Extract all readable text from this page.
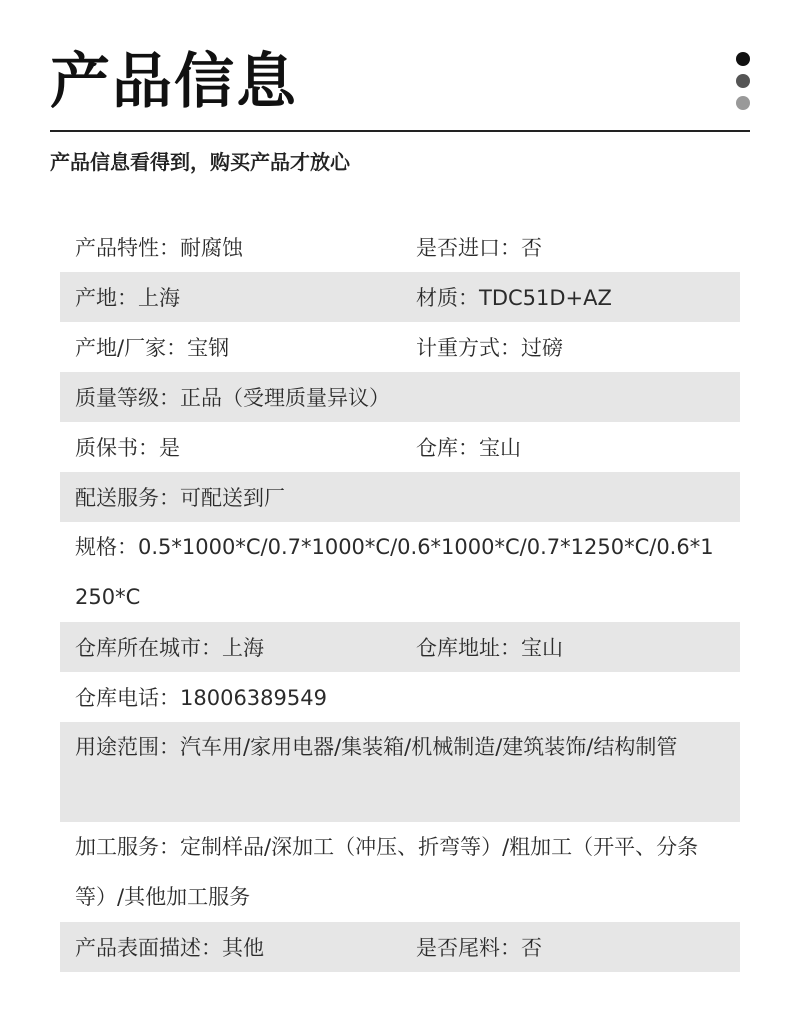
产品信息
产品信息看得到，购买产品才放心
产品特性：耐腐蚀	是否进口：否
产地：上海	材质：TDC51D+AZ
产地/厂家：宝钢	计重方式：过磅
质量等级：正品（受理质量异议）
质保书：是	仓库：宝山
配送服务：可配送到厂
规格：0.5*1000*C/0.7*1000*C/0.6*1000*C/0.7*1250*C/0.6*1250*C
仓库所在城市：上海	仓库地址：宝山
仓库电话：18006389549
用途范围：汽车用/家用电器/集装箱/机械制造/建筑装饰/结构制管
加工服务：定制样品/深加工（冲压、折弯等）/粗加工（开平、分条等）/其他加工服务
产品表面描述：其他	是否尾料：否
